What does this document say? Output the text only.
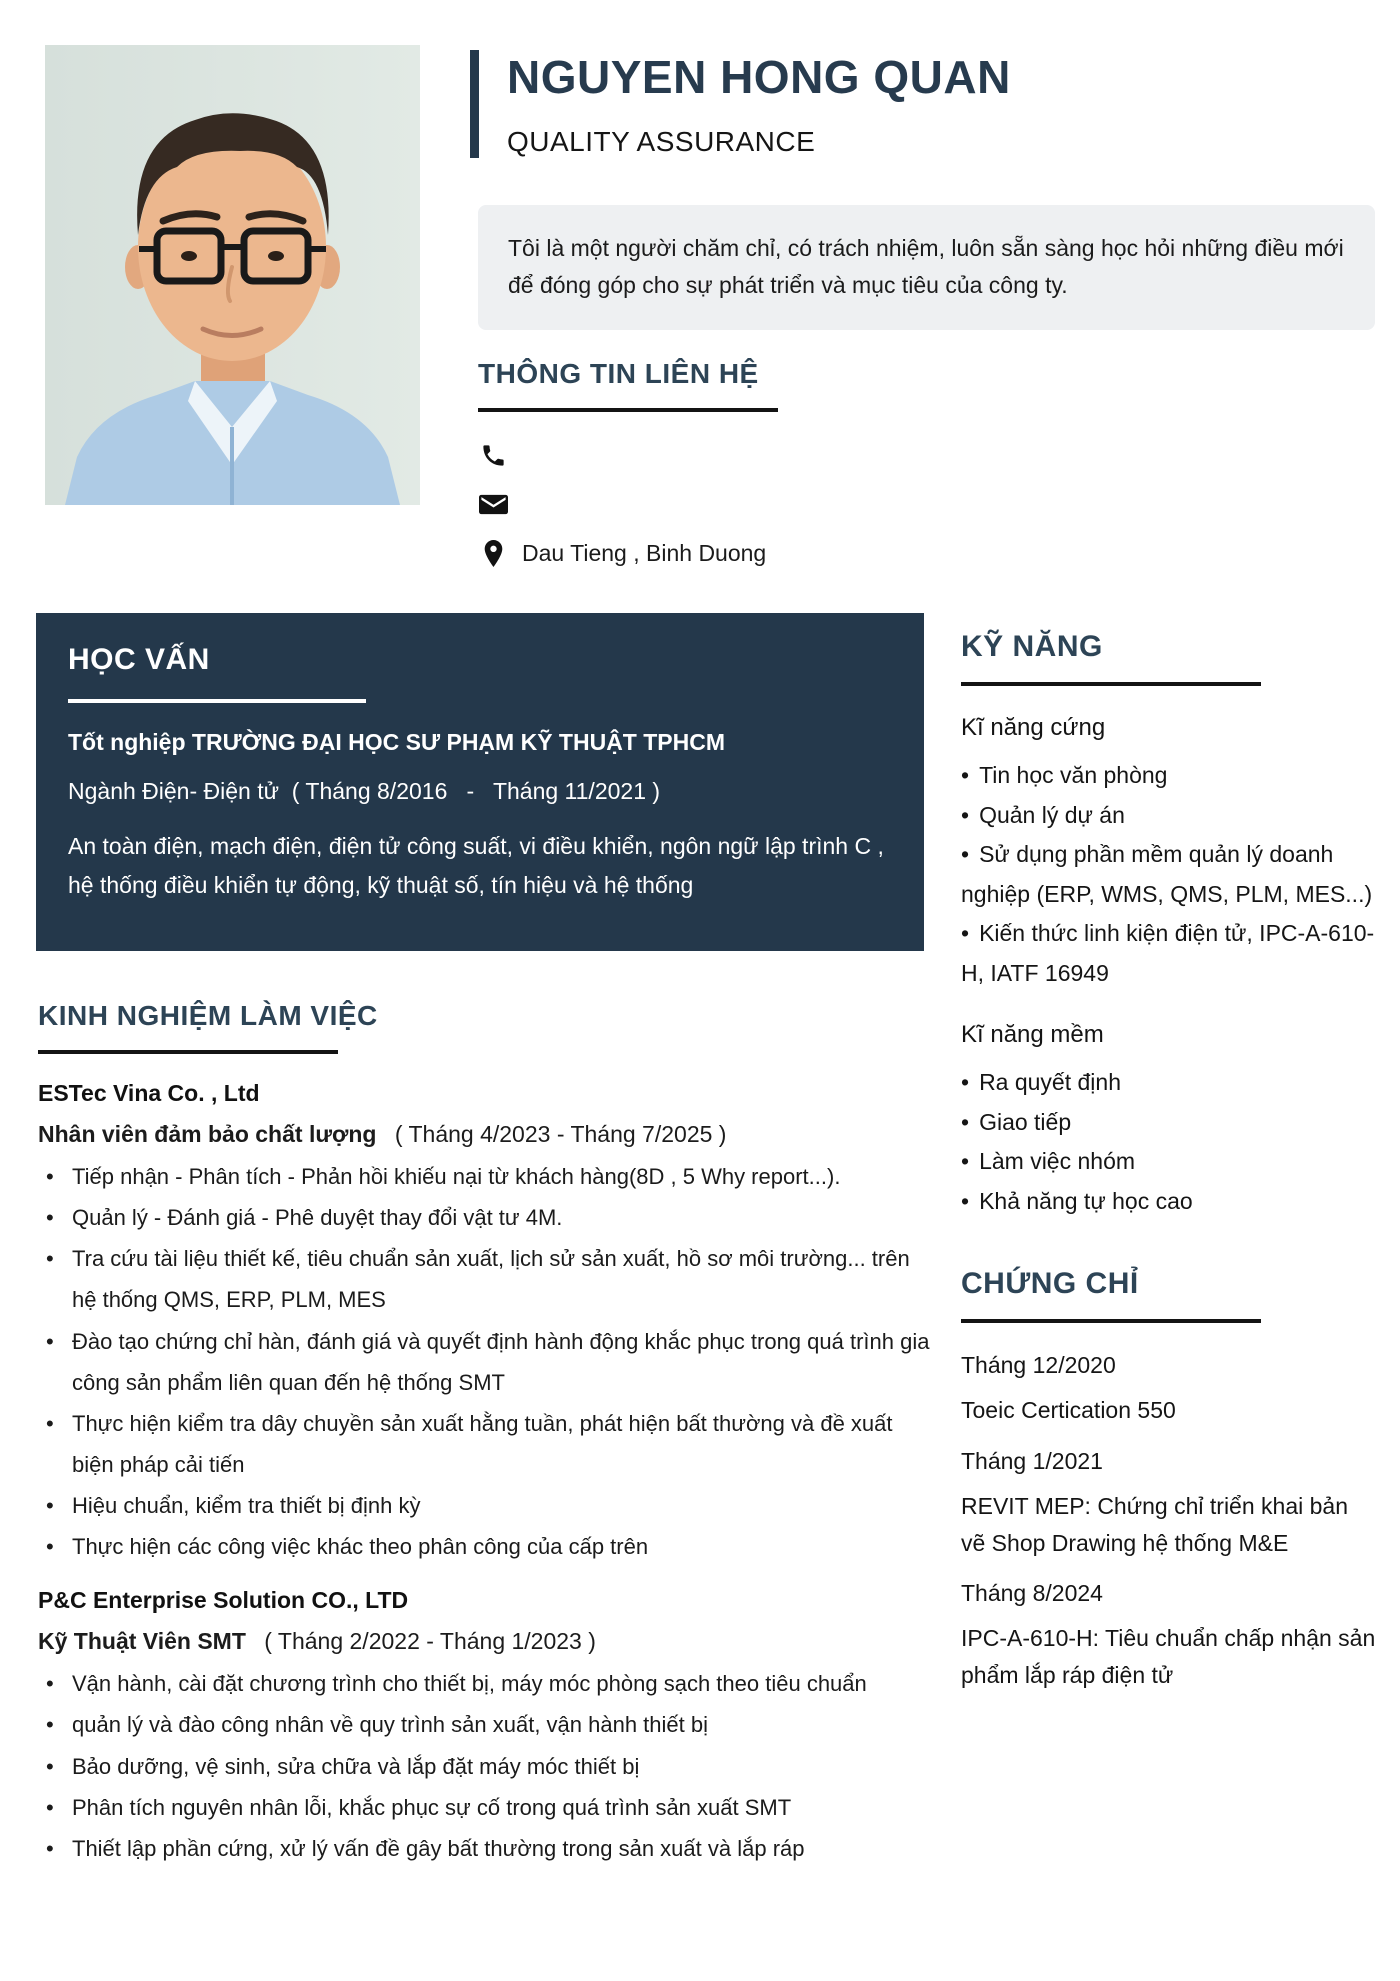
NGUYEN HONG QUAN
QUALITY ASSURANCE
Tôi là một người chăm chỉ, có trách nhiệm, luôn sẵn sàng học hỏi những điều mới để đóng góp cho sự phát triển và mục tiêu của công ty.
THÔNG TIN LIÊN HỆ
Dau Tieng , Binh Duong
HỌC VẤN
Tốt nghiệp TRƯỜNG ĐẠI HỌC SƯ PHẠM KỸ THUẬT TPHCM
Ngành Điện- Điện tử  ( Tháng 8/2016   -   Tháng 11/2021 )
An toàn điện, mạch điện, điện tử công suất, vi điều khiển, ngôn ngữ lập trình C , hệ thống điều khiển tự động, kỹ thuật số, tín hiệu và hệ thống
KINH NGHIỆM LÀM VIỆC
ESTec Vina Co. , Ltd
Nhân viên đảm bảo chất lượng ( Tháng 4/2023 - Tháng 7/2025 )
• Tiếp nhận - Phân tích - Phản hồi khiếu nại từ khách hàng(8D , 5 Why report...).
• Quản lý - Đánh giá - Phê duyệt thay đổi vật tư 4M.
• Tra cứu tài liệu thiết kế, tiêu chuẩn sản xuất, lịch sử sản xuất, hồ sơ môi trường... trên hệ thống QMS, ERP, PLM, MES
• Đào tạo chứng chỉ hàn, đánh giá và quyết định hành động khắc phục trong quá trình gia công sản phẩm liên quan đến hệ thống SMT
• Thực hiện kiểm tra dây chuyền sản xuất hằng tuần, phát hiện bất thường và đề xuất biện pháp cải tiến
• Hiệu chuẩn, kiểm tra thiết bị định kỳ
• Thực hiện các công việc khác theo phân công của cấp trên
P&C Enterprise Solution CO., LTD
Kỹ Thuật Viên SMT ( Tháng 2/2022 - Tháng 1/2023 )
• Vận hành, cài đặt chương trình cho thiết bị, máy móc phòng sạch theo tiêu chuẩn
• quản lý và đào công nhân về quy trình sản xuất, vận hành thiết bị
• Bảo dưỡng, vệ sinh, sửa chữa và lắp đặt máy móc thiết bị
• Phân tích nguyên nhân lỗi, khắc phục sự cố trong quá trình sản xuất SMT
• Thiết lập phần cứng, xử lý vấn đề gây bất thường trong sản xuất và lắp ráp
KỸ NĂNG
Kĩ năng cứng
• Tin học văn phòng
• Quản lý dự án
• Sử dụng phần mềm quản lý doanh nghiệp (ERP, WMS, QMS, PLM, MES...)
• Kiến thức linh kiện điện tử, IPC-A-610-H, IATF 16949
Kĩ năng mềm
• Ra quyết định
• Giao tiếp
• Làm việc nhóm
• Khả năng tự học cao
CHỨNG CHỈ
Tháng 12/2020
Toeic Certication 550
Tháng 1/2021
REVIT MEP: Chứng chỉ triển khai bản vẽ Shop Drawing hệ thống M&E
Tháng 8/2024
IPC-A-610-H: Tiêu chuẩn chấp nhận sản phẩm lắp ráp điện tử
